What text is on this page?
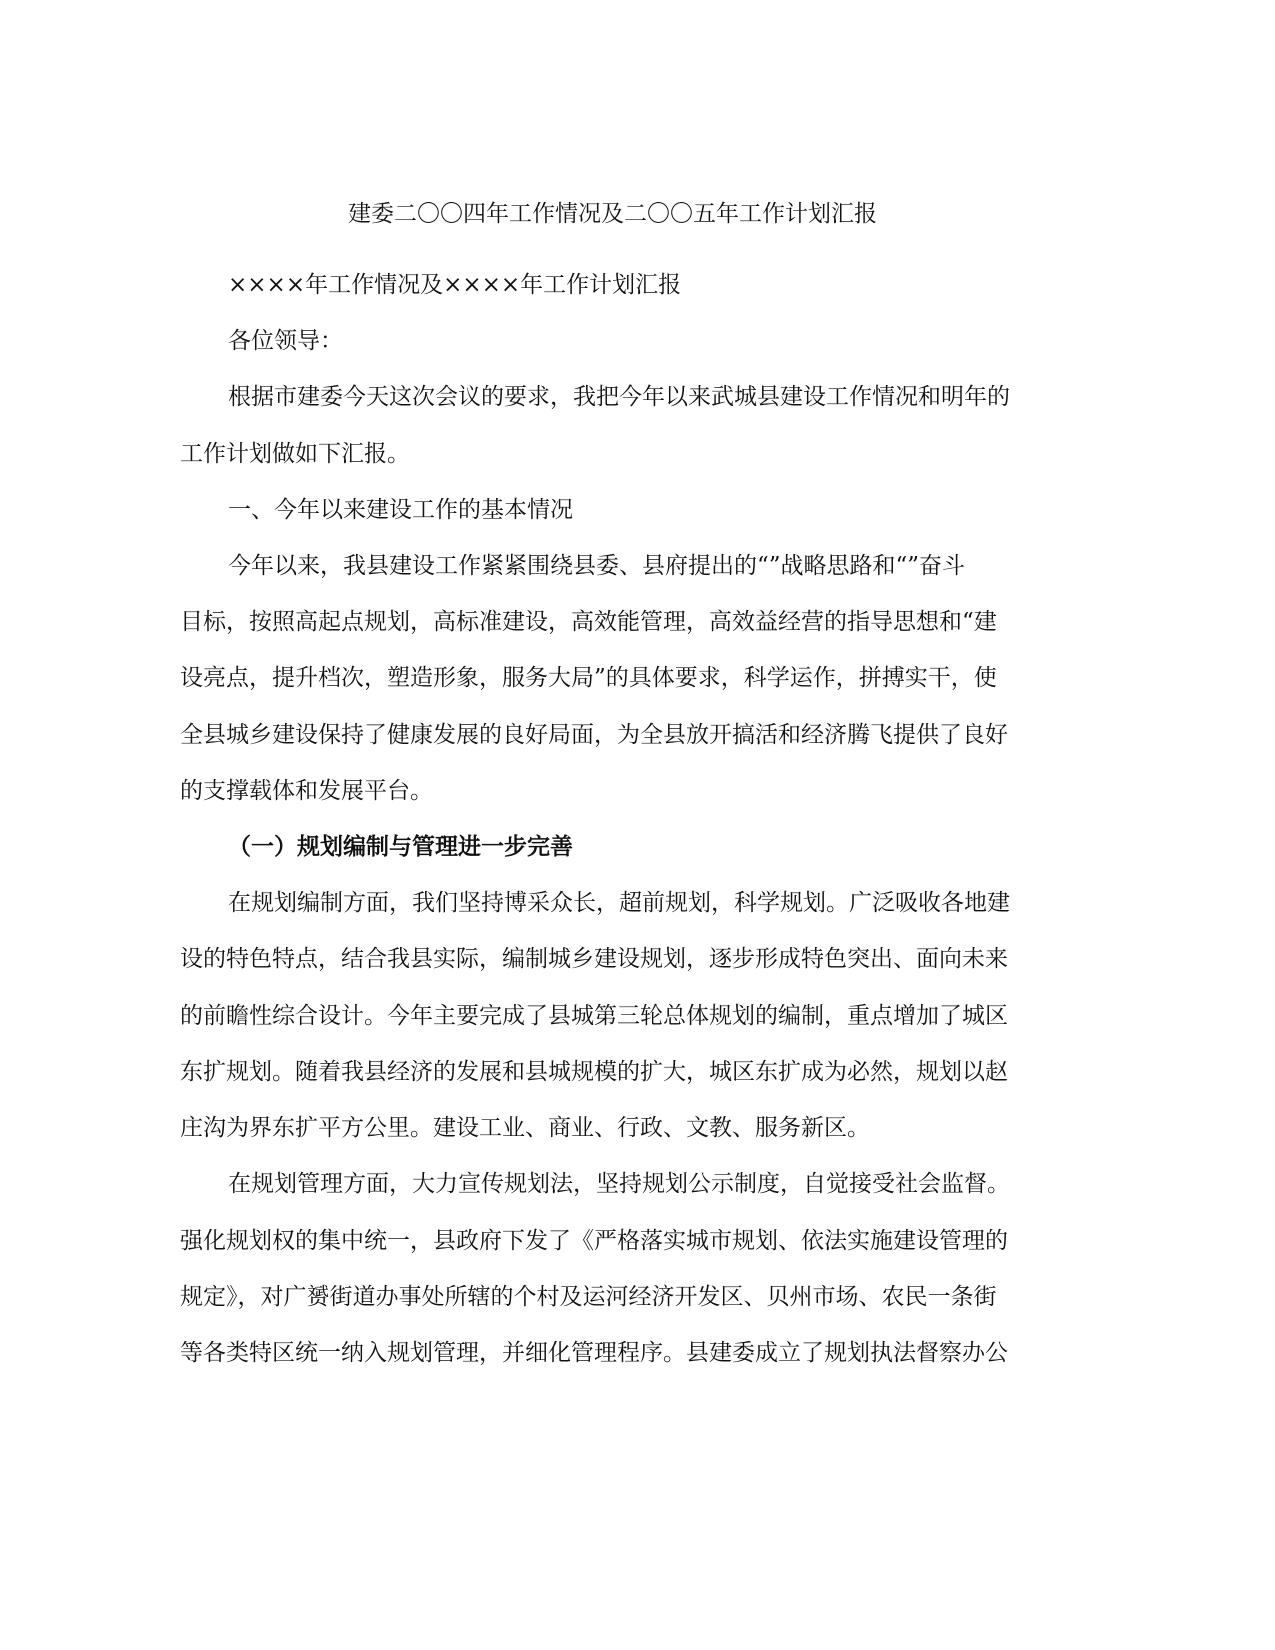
建委二〇〇四年工作情况及二〇〇五年工作计划汇报
××××年工作情况及××××年工作计划汇报
各位领导：
根据市建委今天这次会议的要求，我把今年以来武城县建设工作情况和明年的
工作计划做如下汇报。
一、今年以来建设工作的基本情况
今年以来，我县建设工作紧紧围绕县委、县府提出的“”战略思路和“”奋斗
目标，按照高起点规划，高标准建设，高效能管理，高效益经营的指导思想和“建
设亮点，提升档次，塑造形象，服务大局”的具体要求，科学运作，拼搏实干，使
全县城乡建设保持了健康发展的良好局面，为全县放开搞活和经济腾飞提供了良好
的支撑载体和发展平台。
（一）规划编制与管理进一步完善
在规划编制方面，我们坚持博采众长，超前规划，科学规划。广泛吸收各地建
设的特色特点，结合我县实际，编制城乡建设规划，逐步形成特色突出、面向未来
的前瞻性综合设计。今年主要完成了县城第三轮总体规划的编制，重点增加了城区
东扩规划。随着我县经济的发展和县城规模的扩大，城区东扩成为必然，规划以赵
庄沟为界东扩平方公里。建设工业、商业、行政、文教、服务新区。
在规划管理方面，大力宣传规划法，坚持规划公示制度，自觉接受社会监督。
强化规划权的集中统一，县政府下发了《严格落实城市规划、依法实施建设管理的
规定》，对广赟街道办事处所辖的个村及运河经济开发区、贝州市场、农民一条街
等各类特区统一纳入规划管理，并细化管理程序。县建委成立了规划执法督察办公
